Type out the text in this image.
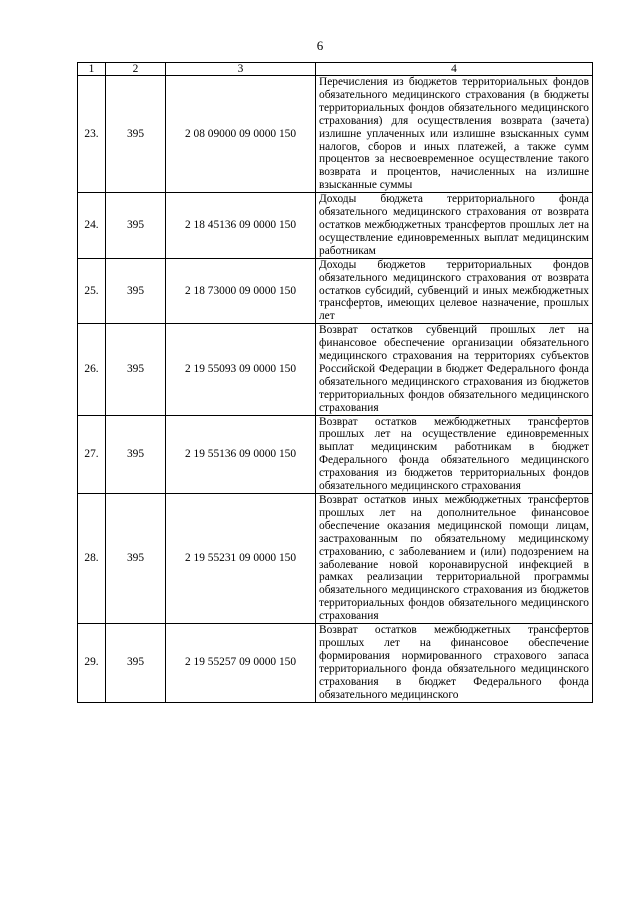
6
1	2	3	4
23.	395	2 08 09000 09 0000 150	Перечисления из бюджетов территориальных фондов обязательного медицинского страхования (в бюджеты территориальных фондов обязательного медицинского страхования) для осуществления возврата (зачета) излишне уплаченных или излишне взысканных сумм налогов, сборов и иных платежей, а также сумм процентов за несвоевременное осуществление такого возврата и процентов, начисленных на излишне взысканные суммы
24.	395	2 18 45136 09 0000 150	Доходы бюджета территориального фонда обязательного медицинского страхования от возврата остатков межбюджетных трансфертов прошлых лет на осуществление единовременных выплат медицинским работникам
25.	395	2 18 73000 09 0000 150	Доходы бюджетов территориальных фондов обязательного медицинского страхования от возврата остатков субсидий, субвенций и иных межбюджетных трансфертов, имеющих целевое назначение, прошлых лет
26.	395	2 19 55093 09 0000 150	Возврат остатков субвенций прошлых лет на финансовое обеспечение организации обязательного медицинского страхования на территориях субъектов Российской Федерации в бюджет Федерального фонда обязательного медицинского страхования из бюджетов территориальных фондов обязательного медицинского страхования
27.	395	2 19 55136 09 0000 150	Возврат остатков межбюджетных трансфертов прошлых лет на осуществление единовременных выплат медицинским работникам в бюджет Федерального фонда обязательного медицинского страхования из бюджетов территориальных фондов обязательного медицинского страхования
28.	395	2 19 55231 09 0000 150	Возврат остатков иных межбюджетных трансфертов прошлых лет на дополнительное финансовое обеспечение оказания медицинской помощи лицам, застрахованным по обязательному медицинскому страхованию, с заболеванием и (или) подозрением на заболевание новой коронавирусной инфекцией в рамках реализации территориальной программы обязательного медицинского страхования из бюджетов территориальных фондов обязательного медицинского страхования
29.	395	2 19 55257 09 0000 150	Возврат остатков межбюджетных трансфертов прошлых лет на финансовое обеспечение формирования нормированного страхового запаса территориального фонда обязательного медицинского страхования в бюджет Федерального фонда обязательного медицинского
